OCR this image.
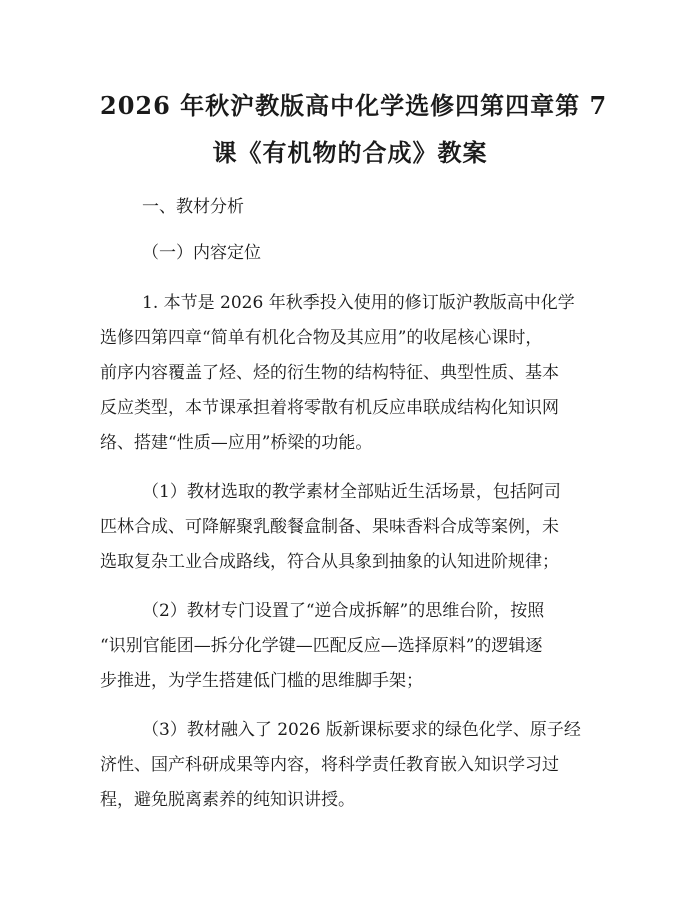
2026 年秋沪教版高中化学选修四第四章第 7
课《有机物的合成》教案
一、教材分析
（一）内容定位
1. 本节是 2026 年秋季投入使用的修订版沪教版高中化学
选修四第四章“简单有机化合物及其应用”的收尾核心课时，
前序内容覆盖了烃、烃的衍生物的结构特征、典型性质、基本
反应类型，本节课承担着将零散有机反应串联成结构化知识网
络、搭建“性质—应用”桥梁的功能。
（1）教材选取的教学素材全部贴近生活场景，包括阿司
匹林合成、可降解聚乳酸餐盒制备、果味香料合成等案例，未
选取复杂工业合成路线，符合从具象到抽象的认知进阶规律；
（2）教材专门设置了“逆合成拆解”的思维台阶，按照
“识别官能团—拆分化学键—匹配反应—选择原料”的逻辑逐
步推进，为学生搭建低门槛的思维脚手架；
（3）教材融入了 2026 版新课标要求的绿色化学、原子经
济性、国产科研成果等内容，将科学责任教育嵌入知识学习过
程，避免脱离素养的纯知识讲授。
